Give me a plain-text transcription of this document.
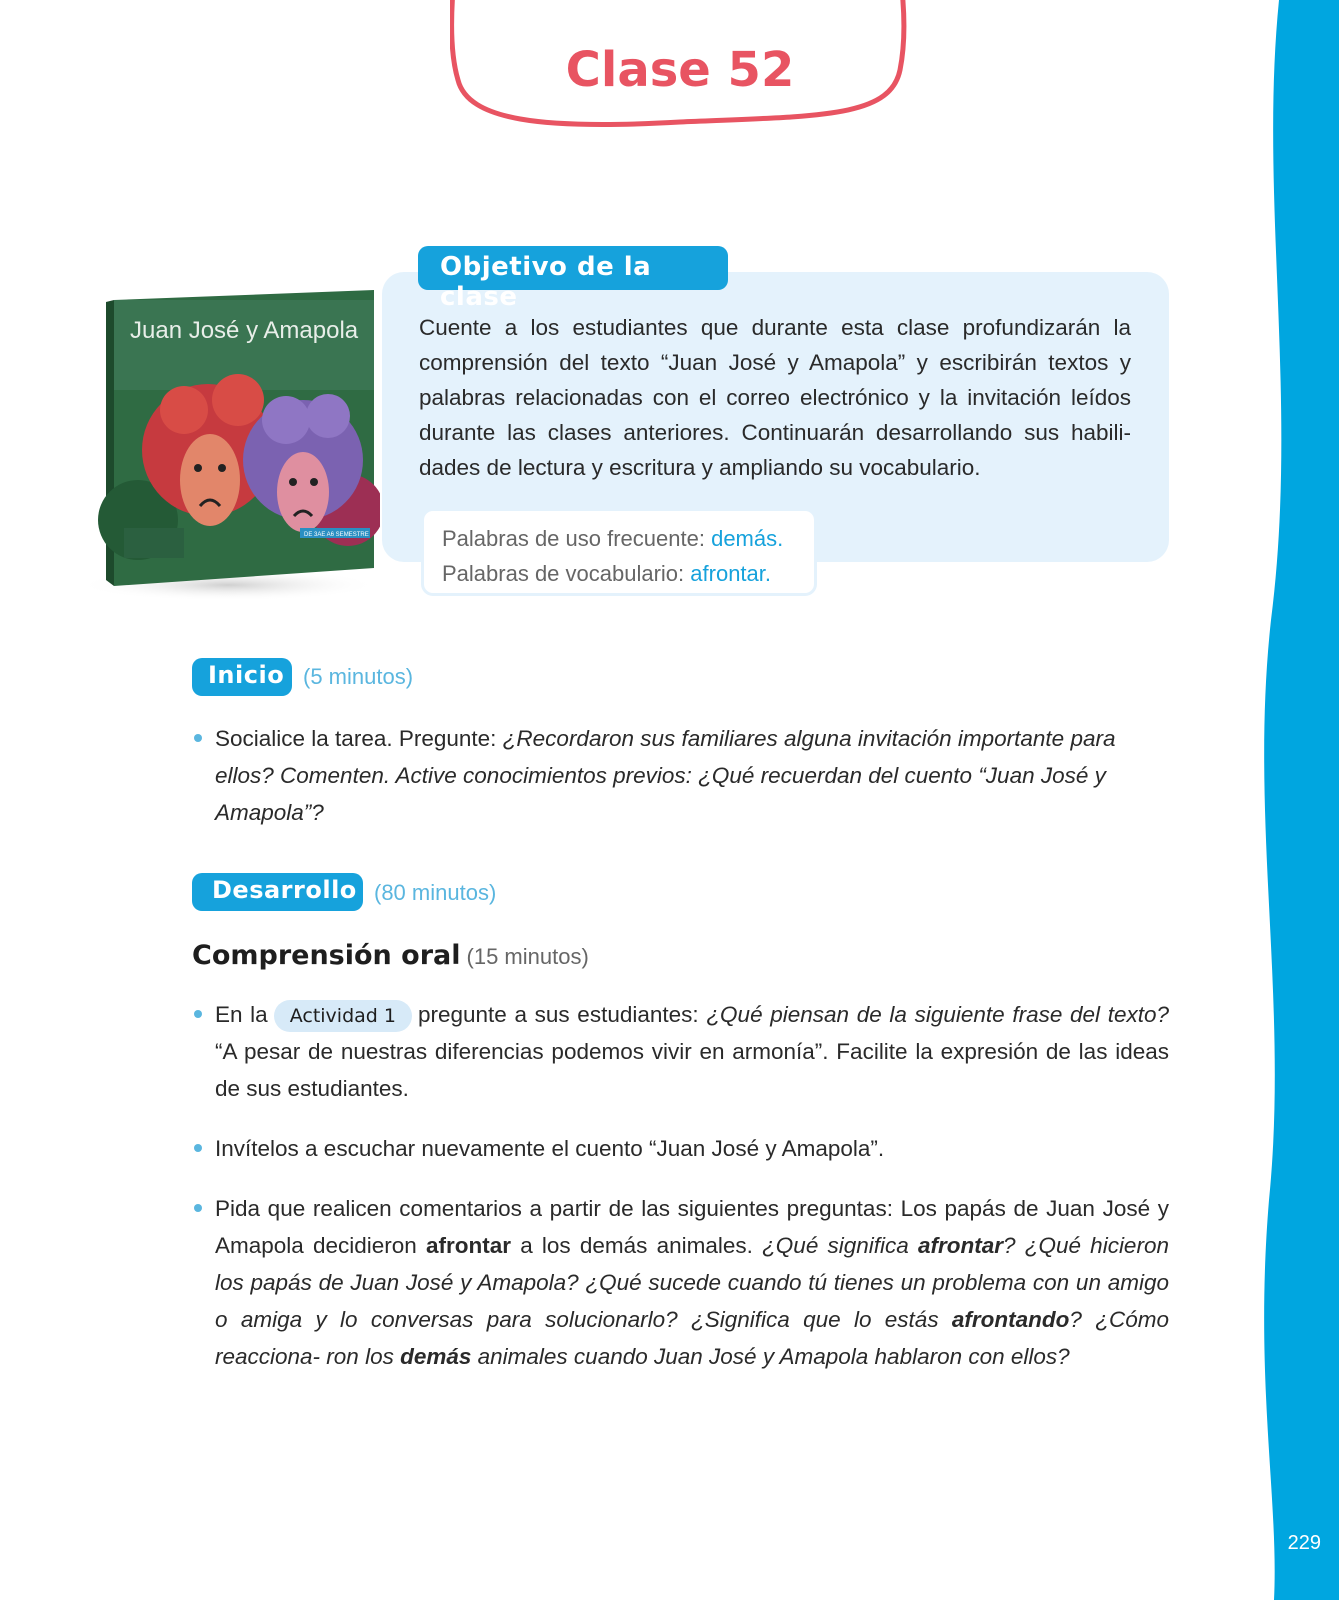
229
Clase 52
Juan José y Amapola
DE 3AE A6 SEMESTRE
Objetivo de la clase
Cuente a los estudiantes que durante esta clase profundizarán la comprensión del texto “Juan José y Amapola” y escribirán textos y palabras relacionadas con el correo electrónico y la invitación leídos durante las clases anteriores. Continuarán desarrollando sus habili- dades de lectura y escritura y ampliando su vocabulario.
Palabras de uso frecuente: demás.
Palabras de vocabulario: afrontar.
Inicio (5 minutos)
Socialice la tarea. Pregunte: ¿Recordaron sus familiares alguna invitación importante para ellos? Comenten. Active conocimientos previos: ¿Qué recuerdan del cuento “Juan José y Amapola”?
Desarrollo (80 minutos)
Comprensión oral (15 minutos)
En la Actividad 1 pregunte a sus estudiantes: ¿Qué piensan de la siguiente frase del texto? “A pesar de nuestras diferencias podemos vivir en armonía”. Facilite la expresión de las ideas de sus estudiantes.
Invítelos a escuchar nuevamente el cuento “Juan José y Amapola”.
Pida que realicen comentarios a partir de las siguientes preguntas: Los papás de Juan José y Amapola decidieron afrontar a los demás animales. ¿Qué significa afrontar? ¿Qué hicieron los papás de Juan José y Amapola? ¿Qué sucede cuando tú tienes un problema con un amigo o amiga y lo conversas para solucionarlo? ¿Significa que lo estás afrontando? ¿Cómo reacciona- ron los demás animales cuando Juan José y Amapola hablaron con ellos?
